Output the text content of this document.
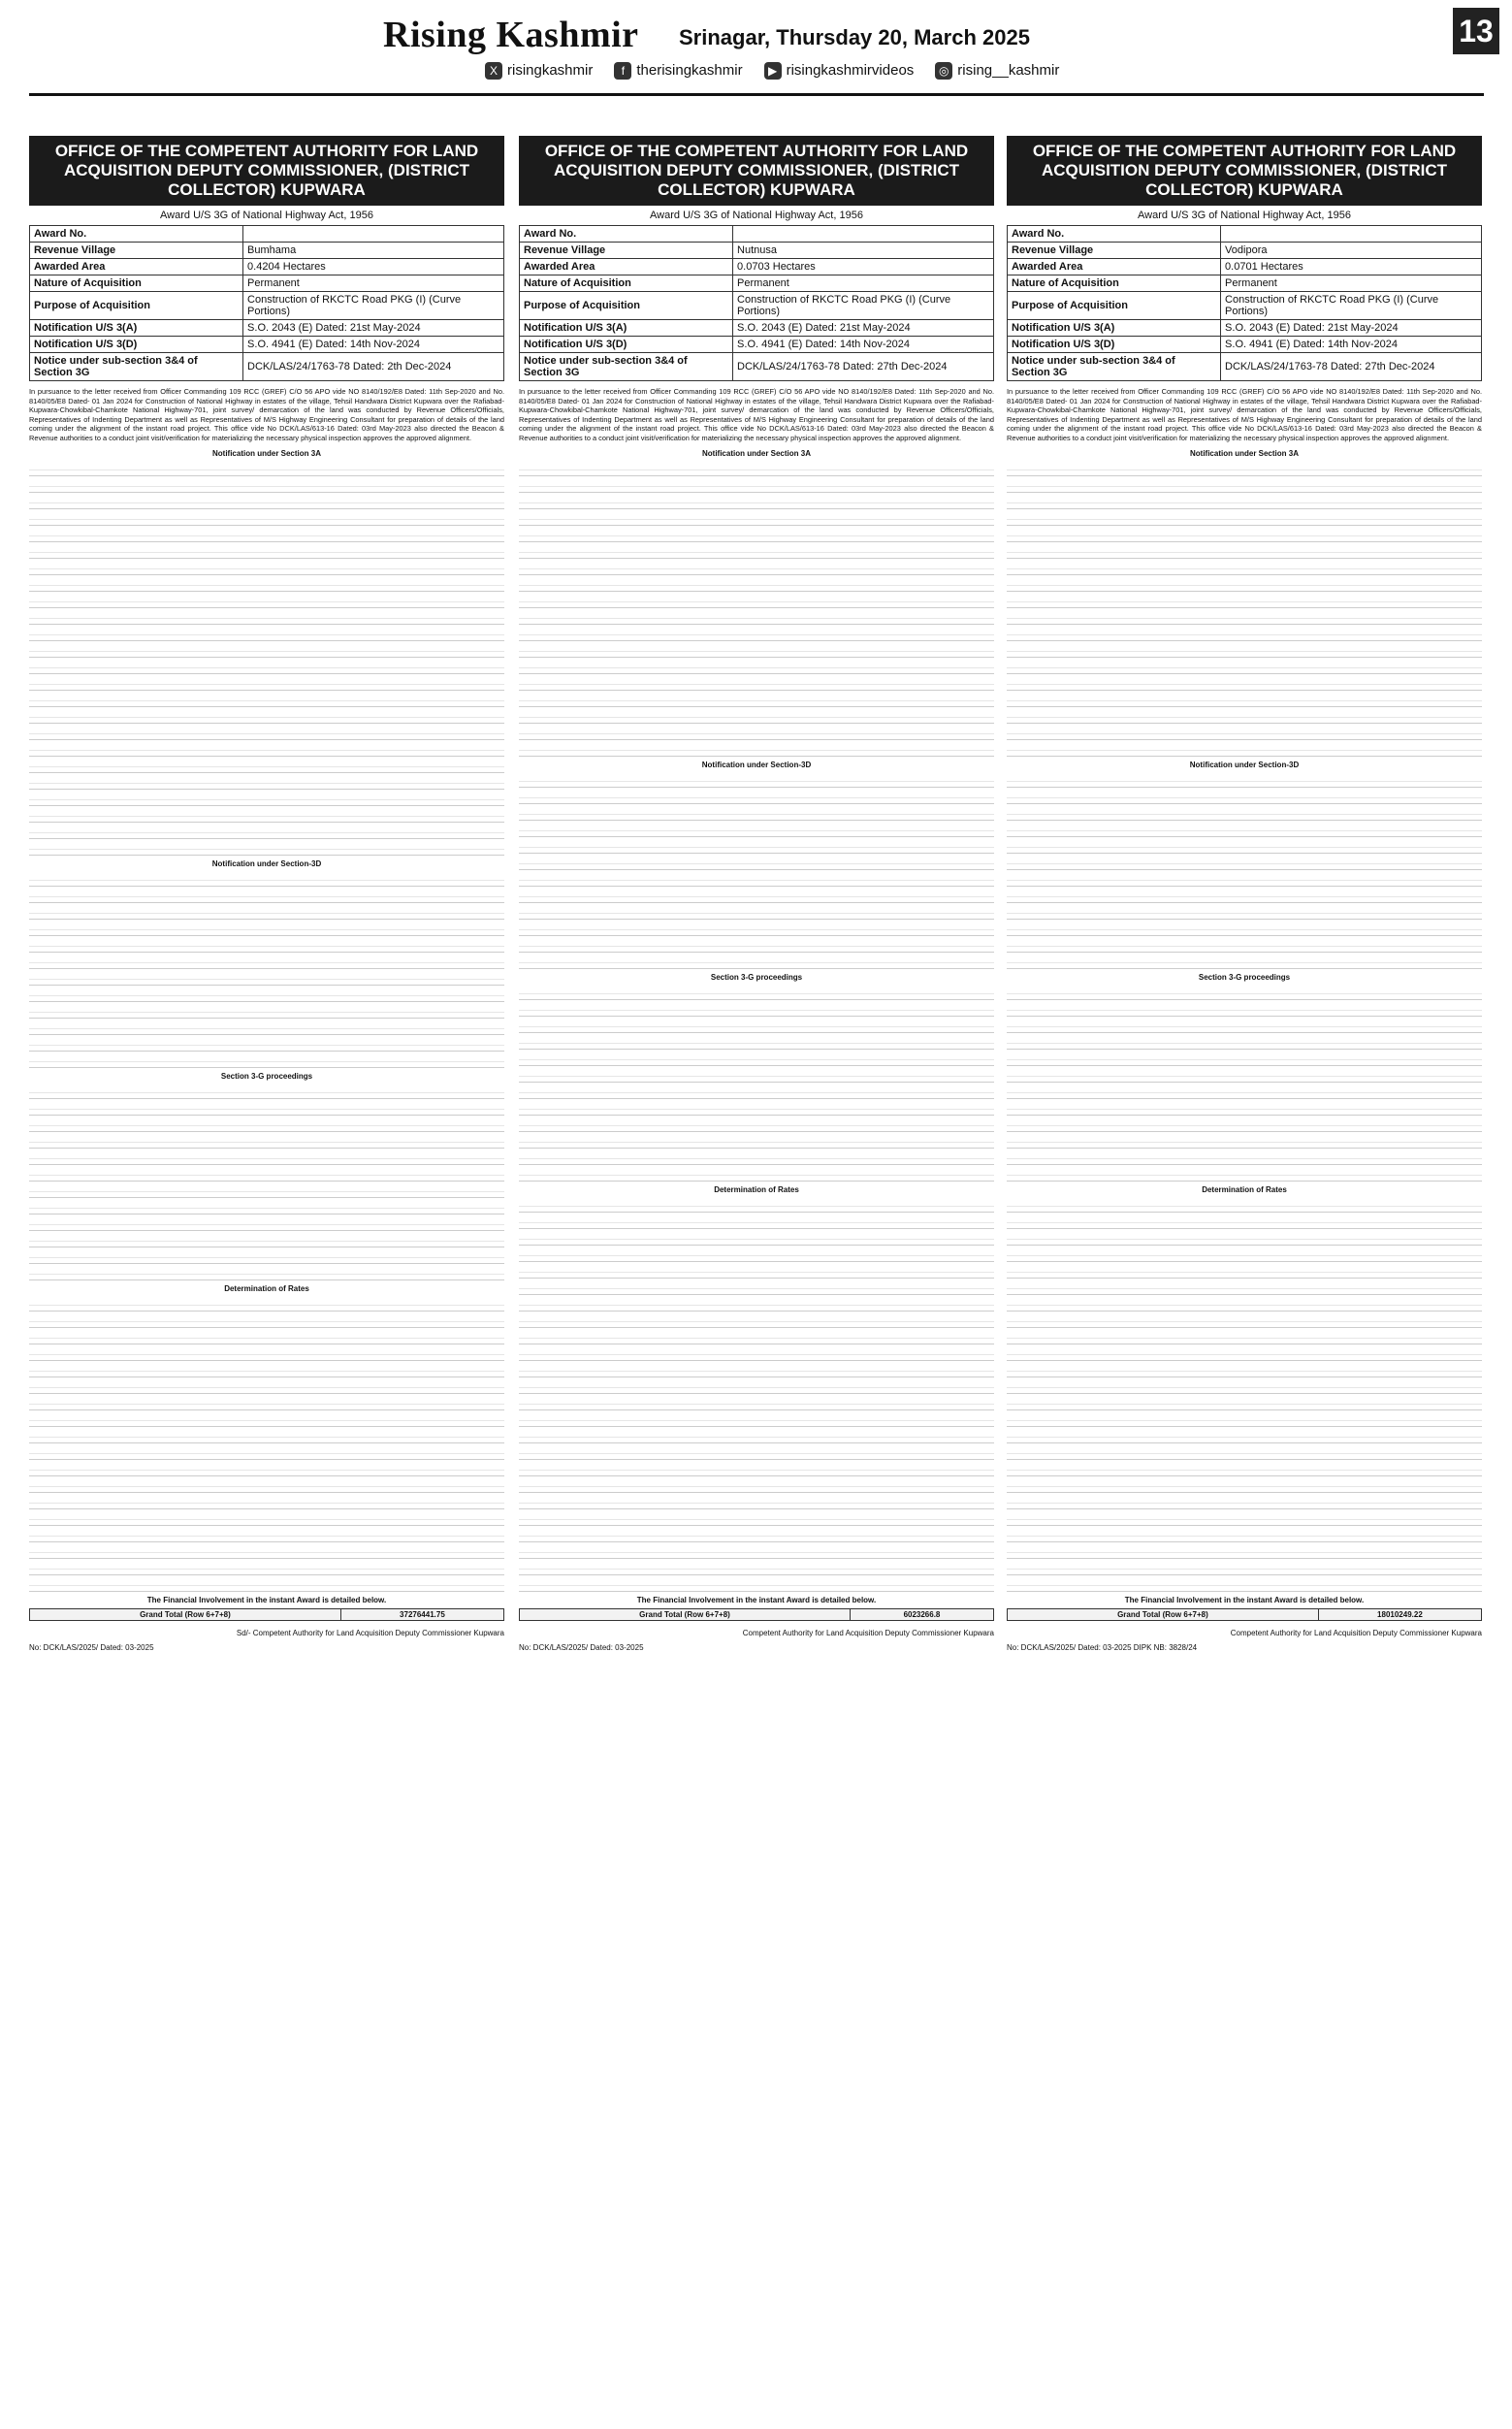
Rising Kashmir Srinagar, Thursday 20, March 2025	13
X risingkashmir	f therisingkashmir	▶ risingkashmirvideos	◎ rising__kashmir
OFFICE OF THE COMPETENT AUTHORITY FOR LAND ACQUISITION DEPUTY COMMISSIONER, (DISTRICT COLLECTOR) KUPWARA
Award U/S 3G of National Highway Act, 1956
Award No.	
Revenue Village	Bumhama
Awarded Area	0.4204 Hectares
Nature of Acquisition	Permanent
Purpose of Acquisition	Construction of RKCTC Road PKG (I) (Curve Portions)
Notification U/S 3(A)	S.O. 2043 (E) Dated: 21st May-2024
Notification U/S 3(D)	S.O. 4941 (E) Dated: 14th Nov-2024
Notice under sub-section 3&4 of Section 3G	DCK/LAS/24/1763-78 Dated: 2th Dec-2024

In pursuance to the letter received from Officer Commanding 109 RCC (GREF) C/O 56 APO vide NO 8140/192/E8 Dated: 11th Sep-2020 and No. 8140/05/E8 Dated- 01 Jan 2024 for Construction of National Highway in estates of the village, Tehsil Handwara District Kupwara over the Rafiabad-Kupwara-Chowkibal-Chamkote National Highway-701, joint survey/ demarcation of the land was conducted by Revenue Officers/Officials, Representatives of Indenting Department as well as Representatives of M/S Highway Engineering Consultant for preparation of details of the land coming under the alignment of the instant road project. This office vide No DCK/LAS/613-16 Dated: 03rd May-2023 also directed the Beacon & Revenue authorities to a conduct joint visit/verification for materializing the necessary physical inspection approves the approved alignment.

Notification under Section 3A
Notification under Section-3D
Section 3-G proceedings
Determination of Rates
The Financial Involvement in the instant Award is detailed below.
Grand Total (Row 6+7+8)	37276441.75
Sd/- Competent Authority for Land Acquisition Deputy Commissioner Kupwara
No: DCK/LAS/2025/ Dated: 03-2025
OFFICE OF THE COMPETENT AUTHORITY FOR LAND ACQUISITION DEPUTY COMMISSIONER, (DISTRICT COLLECTOR) KUPWARA
Award U/S 3G of National Highway Act, 1956
Award No.	
Revenue Village	Nutnusa
Awarded Area	0.0703 Hectares
Nature of Acquisition	Permanent
Purpose of Acquisition	Construction of RKCTC Road PKG (I) (Curve Portions)
Notification U/S 3(A)	S.O. 2043 (E) Dated: 21st May-2024
Notification U/S 3(D)	S.O. 4941 (E) Dated: 14th Nov-2024
Notice under sub-section 3&4 of Section 3G	DCK/LAS/24/1763-78 Dated: 27th Dec-2024

In pursuance to the letter received from Officer Commanding 109 RCC (GREF) C/O 56 APO vide NO 8140/192/E8 Dated: 11th Sep-2020 and No. 8140/05/E8 Dated- 01 Jan 2024 for Construction of National Highway in estates of the village, Tehsil Handwara District Kupwara over the Rafiabad-Kupwara-Chowkibal-Chamkote National Highway-701, joint survey/ demarcation of the land was conducted by Revenue Officers/Officials, Representatives of Indenting Department as well as Representatives of M/S Highway Engineering Consultant for preparation of details of the land coming under the alignment of the instant road project. This office vide No DCK/LAS/613-16 Dated: 03rd May-2023 also directed the Beacon & Revenue authorities to a conduct joint visit/verification for materializing the necessary physical inspection approves the approved alignment.

Notification under Section 3A
Notification under Section-3D
Section 3-G proceedings
Determination of Rates
The Financial Involvement in the instant Award is detailed below.
Grand Total (Row 6+7+8)	6023266.8
Competent Authority for Land Acquisition Deputy Commissioner Kupwara
No: DCK/LAS/2025/ Dated: 03-2025
OFFICE OF THE COMPETENT AUTHORITY FOR LAND ACQUISITION DEPUTY COMMISSIONER, (DISTRICT COLLECTOR) KUPWARA
Award U/S 3G of National Highway Act, 1956
Award No.	
Revenue Village	Vodipora
Awarded Area	0.0701 Hectares
Nature of Acquisition	Permanent
Purpose of Acquisition	Construction of RKCTC Road PKG (I) (Curve Portions)
Notification U/S 3(A)	S.O. 2043 (E) Dated: 21st May-2024
Notification U/S 3(D)	S.O. 4941 (E) Dated: 14th Nov-2024
Notice under sub-section 3&4 of Section 3G	DCK/LAS/24/1763-78 Dated: 27th Dec-2024

In pursuance to the letter received from Officer Commanding 109 RCC (GREF) C/O 56 APO vide NO 8140/192/E8 Dated: 11th Sep-2020 and No. 8140/05/E8 Dated- 01 Jan 2024 for Construction of National Highway in estates of the village, Tehsil Handwara District Kupwara over the Rafiabad-Kupwara-Chowkibal-Chamkote National Highway-701, joint survey/ demarcation of the land was conducted by Revenue Officers/Officials, Representatives of Indenting Department as well as Representatives of M/S Highway Engineering Consultant for preparation of details of the land coming under the alignment of the instant road project. This office vide No DCK/LAS/613-16 Dated: 03rd May-2023 also directed the Beacon & Revenue authorities to a conduct joint visit/verification for materializing the necessary physical inspection approves the approved alignment.

Notification under Section 3A
Notification under Section-3D
Section 3-G proceedings
Determination of Rates
The Financial Involvement in the instant Award is detailed below.
Grand Total (Row 6+7+8)	18010249.22
Competent Authority for Land Acquisition Deputy Commissioner Kupwara
No: DCK/LAS/2025/ Dated: 03-2025 DIPK NB: 3828/24
